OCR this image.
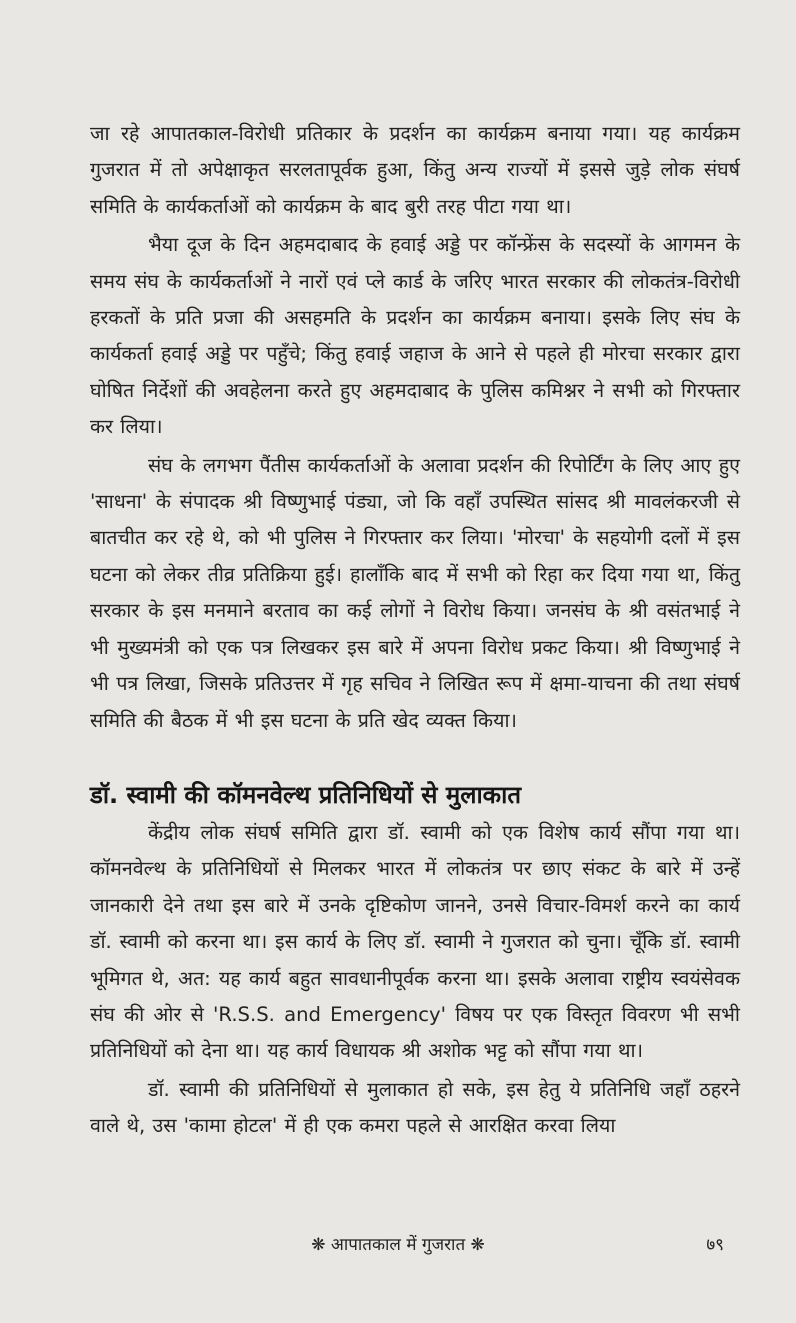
जा रहे आपातकाल-विरोधी प्रतिकार के प्रदर्शन का कार्यक्रम बनाया गया। यह कार्यक्रम गुजरात में तो अपेक्षाकृत सरलतापूर्वक हुआ, किंतु अन्य राज्यों में इससे जुड़े लोक संघर्ष समिति के कार्यकर्ताओं को कार्यक्रम के बाद बुरी तरह पीटा गया था।

भैया दूज के दिन अहमदाबाद के हवाई अड्डे पर कॉन्फ्रेंस के सदस्यों के आगमन के समय संघ के कार्यकर्ताओं ने नारों एवं प्ले कार्ड के जरिए भारत सरकार की लोकतंत्र-विरोधी हरकतों के प्रति प्रजा की असहमति के प्रदर्शन का कार्यक्रम बनाया। इसके लिए संघ के कार्यकर्ता हवाई अड्डे पर पहुँचे; किंतु हवाई जहाज के आने से पहले ही मोरचा सरकार द्वारा घोषित निर्देशों की अवहेलना करते हुए अहमदाबाद के पुलिस कमिश्नर ने सभी को गिरफ्तार कर लिया।

संघ के लगभग पैंतीस कार्यकर्ताओं के अलावा प्रदर्शन की रिपोर्टिंग के लिए आए हुए 'साधना' के संपादक श्री विष्णुभाई पंड्या, जो कि वहाँ उपस्थित सांसद श्री मावलंकरजी से बातचीत कर रहे थे, को भी पुलिस ने गिरफ्तार कर लिया। 'मोरचा' के सहयोगी दलों में इस घटना को लेकर तीव्र प्रतिक्रिया हुई। हालाँकि बाद में सभी को रिहा कर दिया गया था, किंतु सरकार के इस मनमाने बरताव का कई लोगों ने विरोध किया। जनसंघ के श्री वसंतभाई ने भी मुख्यमंत्री को एक पत्र लिखकर इस बारे में अपना विरोध प्रकट किया। श्री विष्णुभाई ने भी पत्र लिखा, जिसके प्रतिउत्तर में गृह सचिव ने लिखित रूप में क्षमा-याचना की तथा संघर्ष समिति की बैठक में भी इस घटना के प्रति खेद व्यक्त किया।

डॉ. स्वामी की कॉमनवेल्थ प्रतिनिधियों से मुलाकात

केंद्रीय लोक संघर्ष समिति द्वारा डॉ. स्वामी को एक विशेष कार्य सौंपा गया था। कॉमनवेल्थ के प्रतिनिधियों से मिलकर भारत में लोकतंत्र पर छाए संकट के बारे में उन्हें जानकारी देने तथा इस बारे में उनके दृष्टिकोण जानने, उनसे विचार-विमर्श करने का कार्य डॉ. स्वामी को करना था। इस कार्य के लिए डॉ. स्वामी ने गुजरात को चुना। चूँकि डॉ. स्वामी भूमिगत थे, अत: यह कार्य बहुत सावधानीपूर्वक करना था। इसके अलावा राष्ट्रीय स्वयंसेवक संघ की ओर से 'R.S.S. and Emergency' विषय पर एक विस्तृत विवरण भी सभी प्रतिनिधियों को देना था। यह कार्य विधायक श्री अशोक भट्ट को सौंपा गया था।

डॉ. स्वामी की प्रतिनिधियों से मुलाकात हो सके, इस हेतु ये प्रतिनिधि जहाँ ठहरने वाले थे, उस 'कामा होटल' में ही एक कमरा पहले से आरक्षित करवा लिया

❋ आपातकाल में गुजरात ❋	७९
